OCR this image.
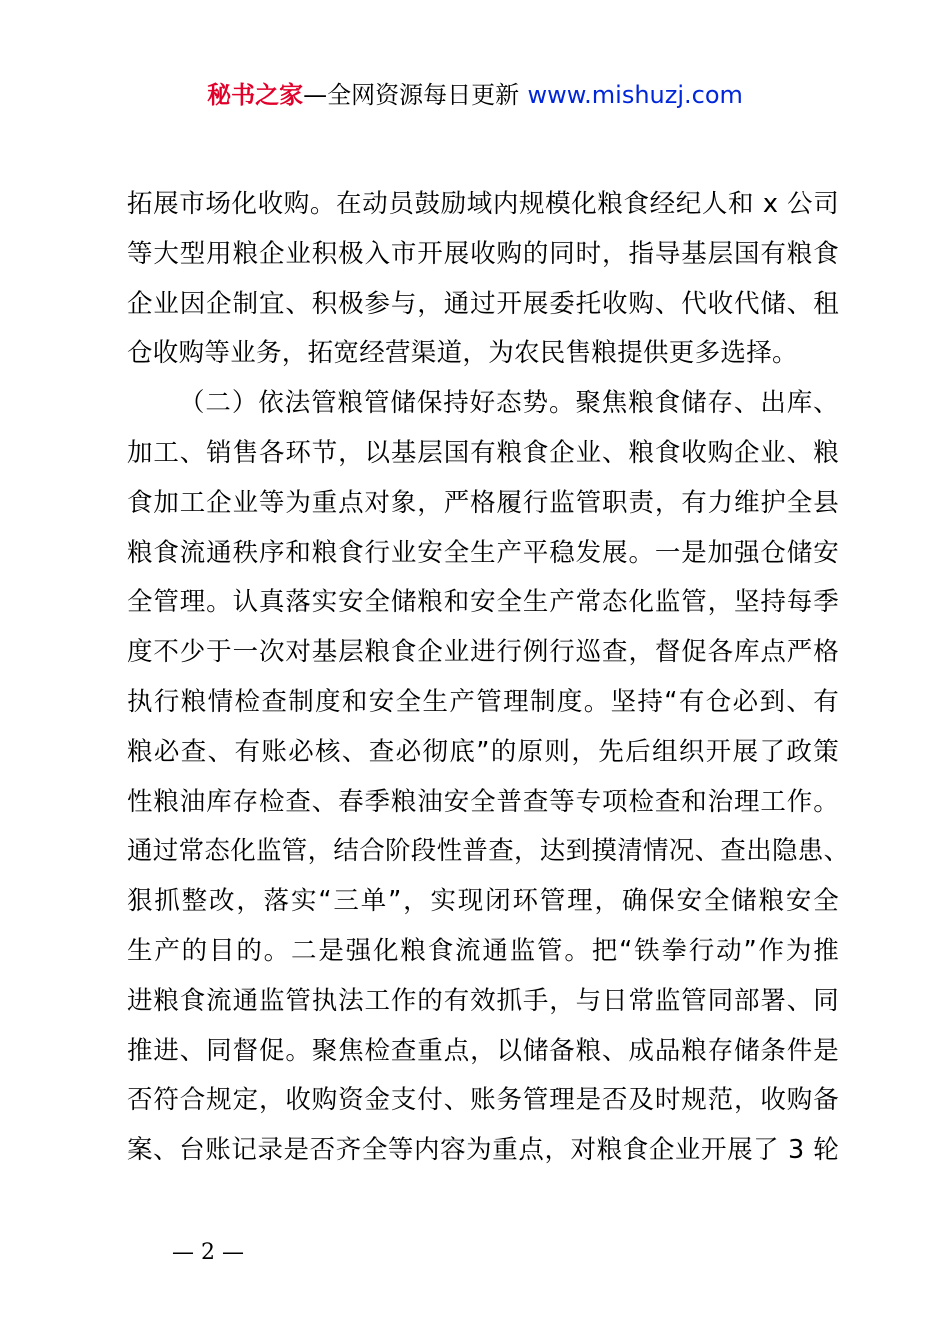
秘书之家—全网资源每日更新 www.mishuzj.com
拓展市场化收购。在动员鼓励域内规模化粮食经纪人和 x 公司
等大型用粮企业积极入市开展收购的同时，指导基层国有粮食
企业因企制宜、积极参与，通过开展委托收购、代收代储、租
仓收购等业务，拓宽经营渠道，为农民售粮提供更多选择。
（二）依法管粮管储保持好态势。聚焦粮食储存、出库、
加工、销售各环节，以基层国有粮食企业、粮食收购企业、粮
食加工企业等为重点对象，严格履行监管职责，有力维护全县
粮食流通秩序和粮食行业安全生产平稳发展。一是加强仓储安
全管理。认真落实安全储粮和安全生产常态化监管，坚持每季
度不少于一次对基层粮食企业进行例行巡查，督促各库点严格
执行粮情检查制度和安全生产管理制度。坚持“有仓必到、有
粮必查、有账必核、查必彻底”的原则，先后组织开展了政策
性粮油库存检查、春季粮油安全普查等专项检查和治理工作。
通过常态化监管，结合阶段性普查，达到摸清情况、查出隐患、
狠抓整改，落实“三单”，实现闭环管理，确保安全储粮安全
生产的目的。二是强化粮食流通监管。把“铁拳行动”作为推
进粮食流通监管执法工作的有效抓手，与日常监管同部署、同
推进、同督促。聚焦检查重点，以储备粮、成品粮存储条件是
否符合规定，收购资金支付、账务管理是否及时规范，收购备
案、台账记录是否齐全等内容为重点，对粮食企业开展了 3 轮
— 2 —
